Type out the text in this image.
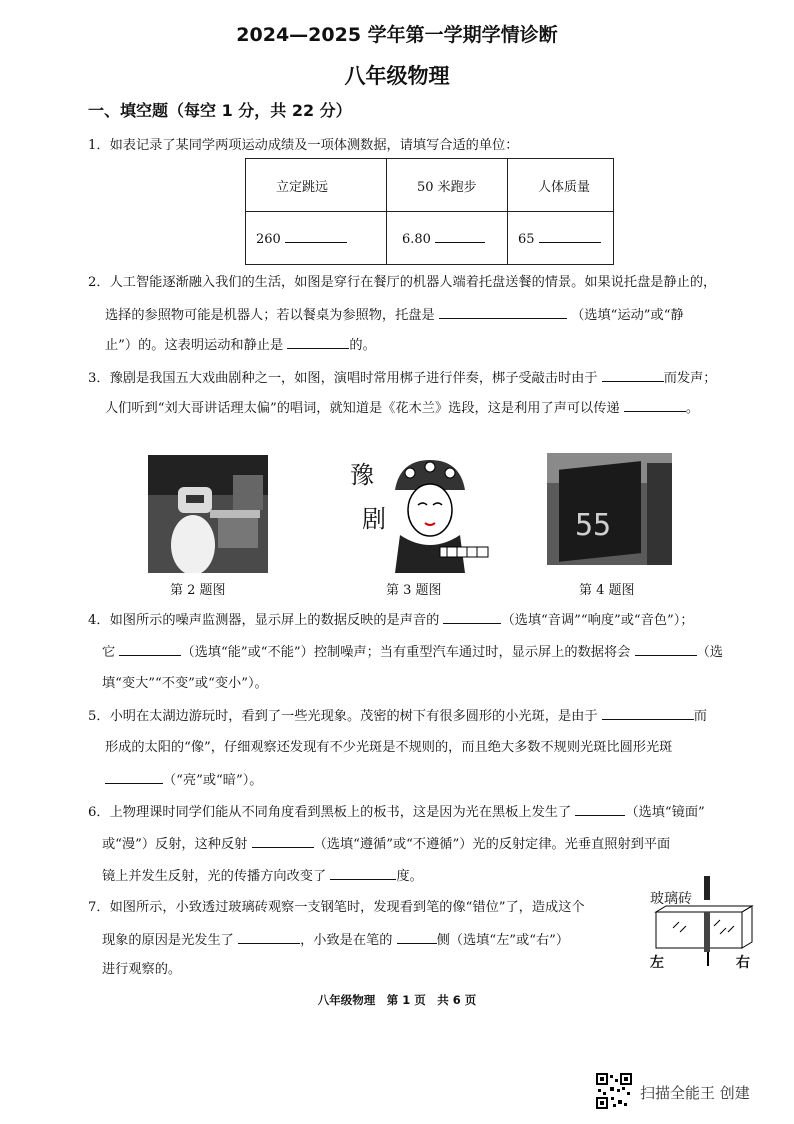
2024—2025 学年第一学期学情诊断
八年级物理
一、填空题（每空 1 分，共 22 分）
1．如表记录了某同学两项运动成绩及一项体测数据，请填写合适的单位：
立定跳远	50 米跑步	人体质量
260	6.80	65
2．人工智能逐渐融入我们的生活，如图是穿行在餐厅的机器人端着托盘送餐的情景。如果说托盘是静止的，
选择的参照物可能是机器人；若以餐桌为参照物，托盘是	（选填“运动”或“静
止”）的。这表明运动和静止是	的。
3．豫剧是我国五大戏曲剧种之一，如图，演唱时常用梆子进行伴奏，梆子受敲击时由于	而发声；
人们听到“刘大哥讲话理太偏”的唱词，就知道是《花木兰》选段，这是利用了声可以传递	。
豫
剧	55
第 2 题图	第 3 题图	第 4 题图
4．如图所示的噪声监测器，显示屏上的数据反映的是声音的	（选填“音调”“响度”或“音色”）；
它	（选填“能”或“不能”）控制噪声；当有重型汽车通过时，显示屏上的数据将会	（选
填“变大”“不变”或“变小”）。
5．小明在太湖边游玩时，看到了一些光现象。茂密的树下有很多圆形的小光斑，是由于	而
形成的太阳的“像”，仔细观察还发现有不少光斑是不规则的，而且绝大多数不规则光斑比圆形光斑
（“亮”或“暗”）。
6．上物理课时同学们能从不同角度看到黑板上的板书，这是因为光在黑板上发生了	（选填“镜面”
或“漫”）反射，这种反射	（选填“遵循”或“不遵循”）光的反射定律。光垂直照射到平面
镜上并发生反射，光的传播方向改变了	度。
7．如图所示，小致透过玻璃砖观察一支钢笔时，发现看到笔的像“错位”了，造成这个
现象的原因是光发生了	，小致是在笔的	侧（选填“左”或“右”）
进行观察的。
玻璃砖
左	右
八年级物理　第 1 页　共 6 页
扫描全能王 创建
